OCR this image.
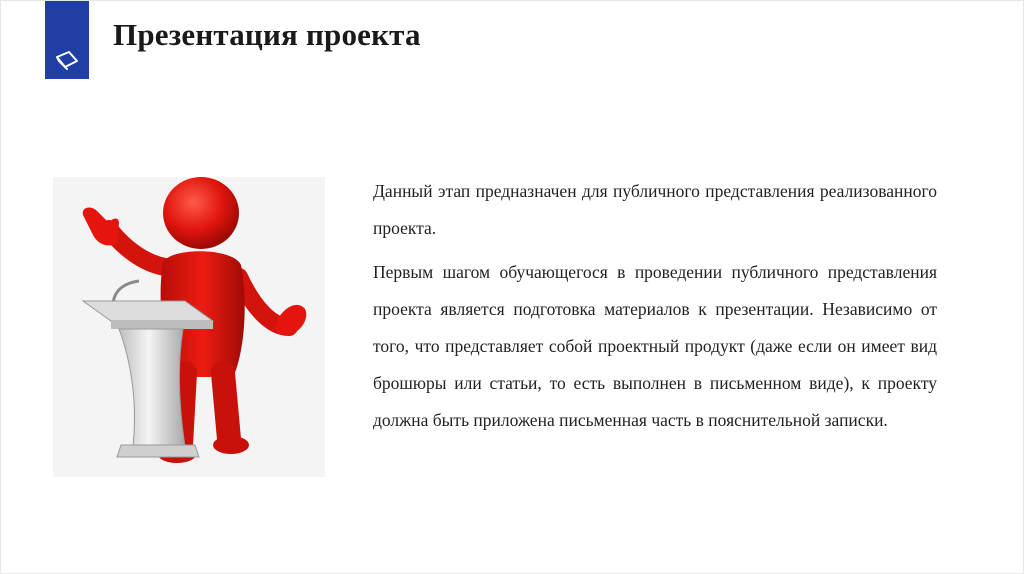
Презентация проекта

Данный этап предназначен для публичного представления реализованного проекта.

Первым шагом обучающегося в проведении публичного представления проекта является подготовка материалов к презентации. Независимо от того, что представляет собой проектный продукт (даже если он имеет вид брошюры или статьи, то есть выполнен в письменном виде), к проекту должна быть приложена письменная часть в пояснительной записки.
